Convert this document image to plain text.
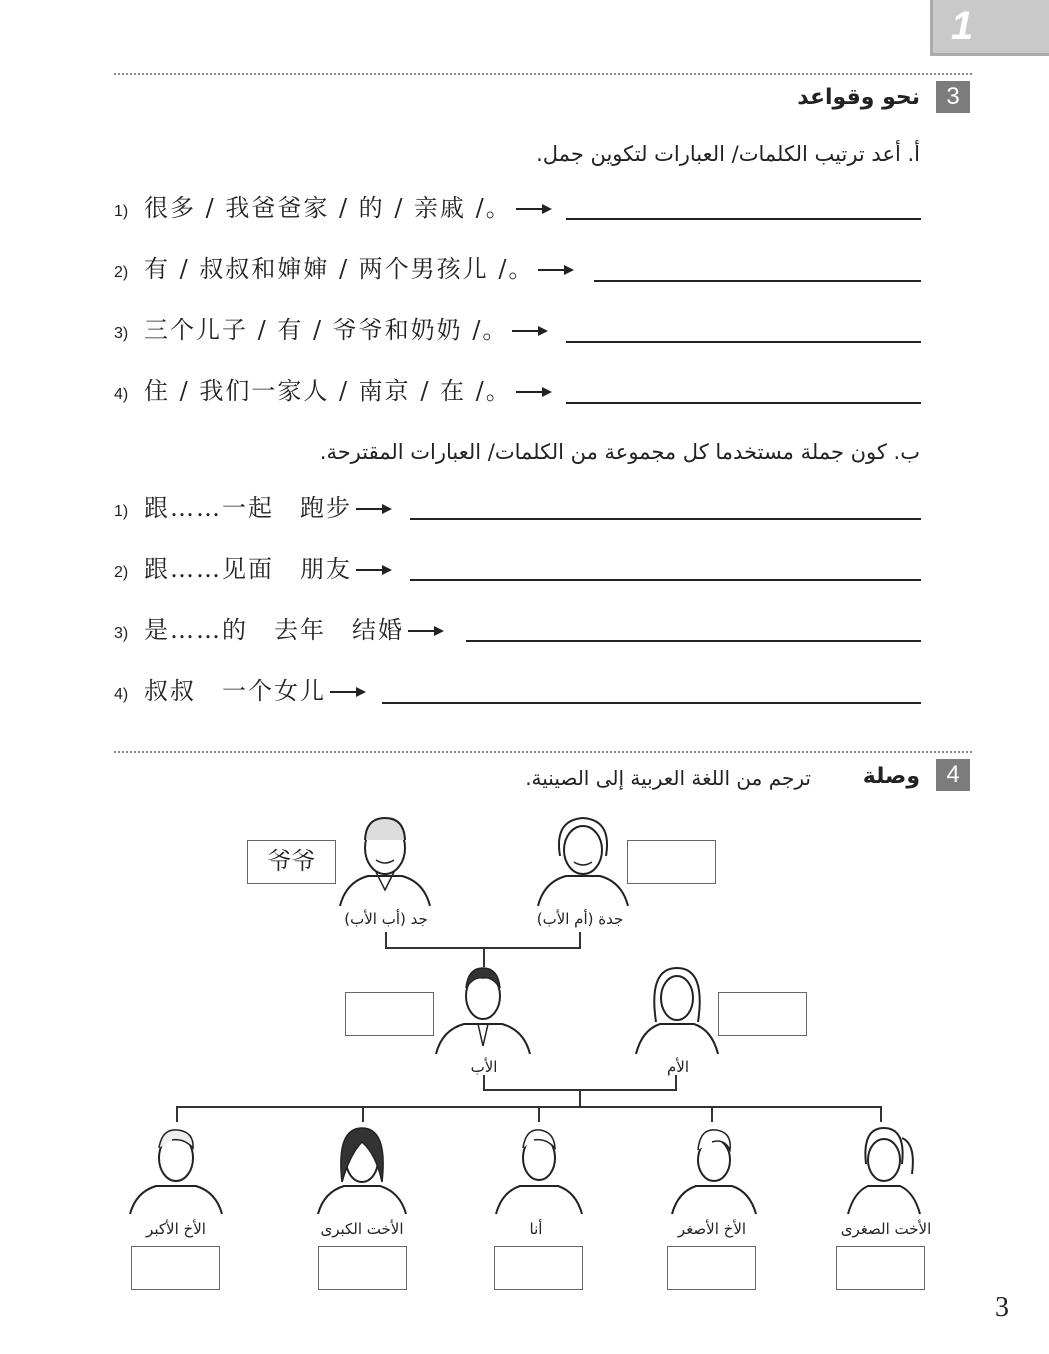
1
3
نحو وقواعد
أ. أعد ترتيب الكلمات/ العبارات لتكوين جمل.
1) 很多 / 我爸爸家 / 的 / 亲戚 /。
2) 有 / 叔叔和婶婶 / 两个男孩儿 /。
3) 三个儿子 / 有 / 爷爷和奶奶 /。
4) 住 / 我们一家人 / 南京 / 在 /。
ب. كون جملة مستخدما كل مجموعة من الكلمات/ العبارات المقترحة.
1) 跟……一起　跑步
2) 跟……见面　朋友
3) 是……的　去年　结婚
4) 叔叔　一个女儿
4
وصلة
ترجم من اللغة العربية إلى الصينية.
جد (أب الأب)	جدة (أم الأب)
الأب	الأم
الأخ الأكبر	الأخت الكبرى	أنا	الأخ الأصغر	الأخت الصغرى
爷爷
3
